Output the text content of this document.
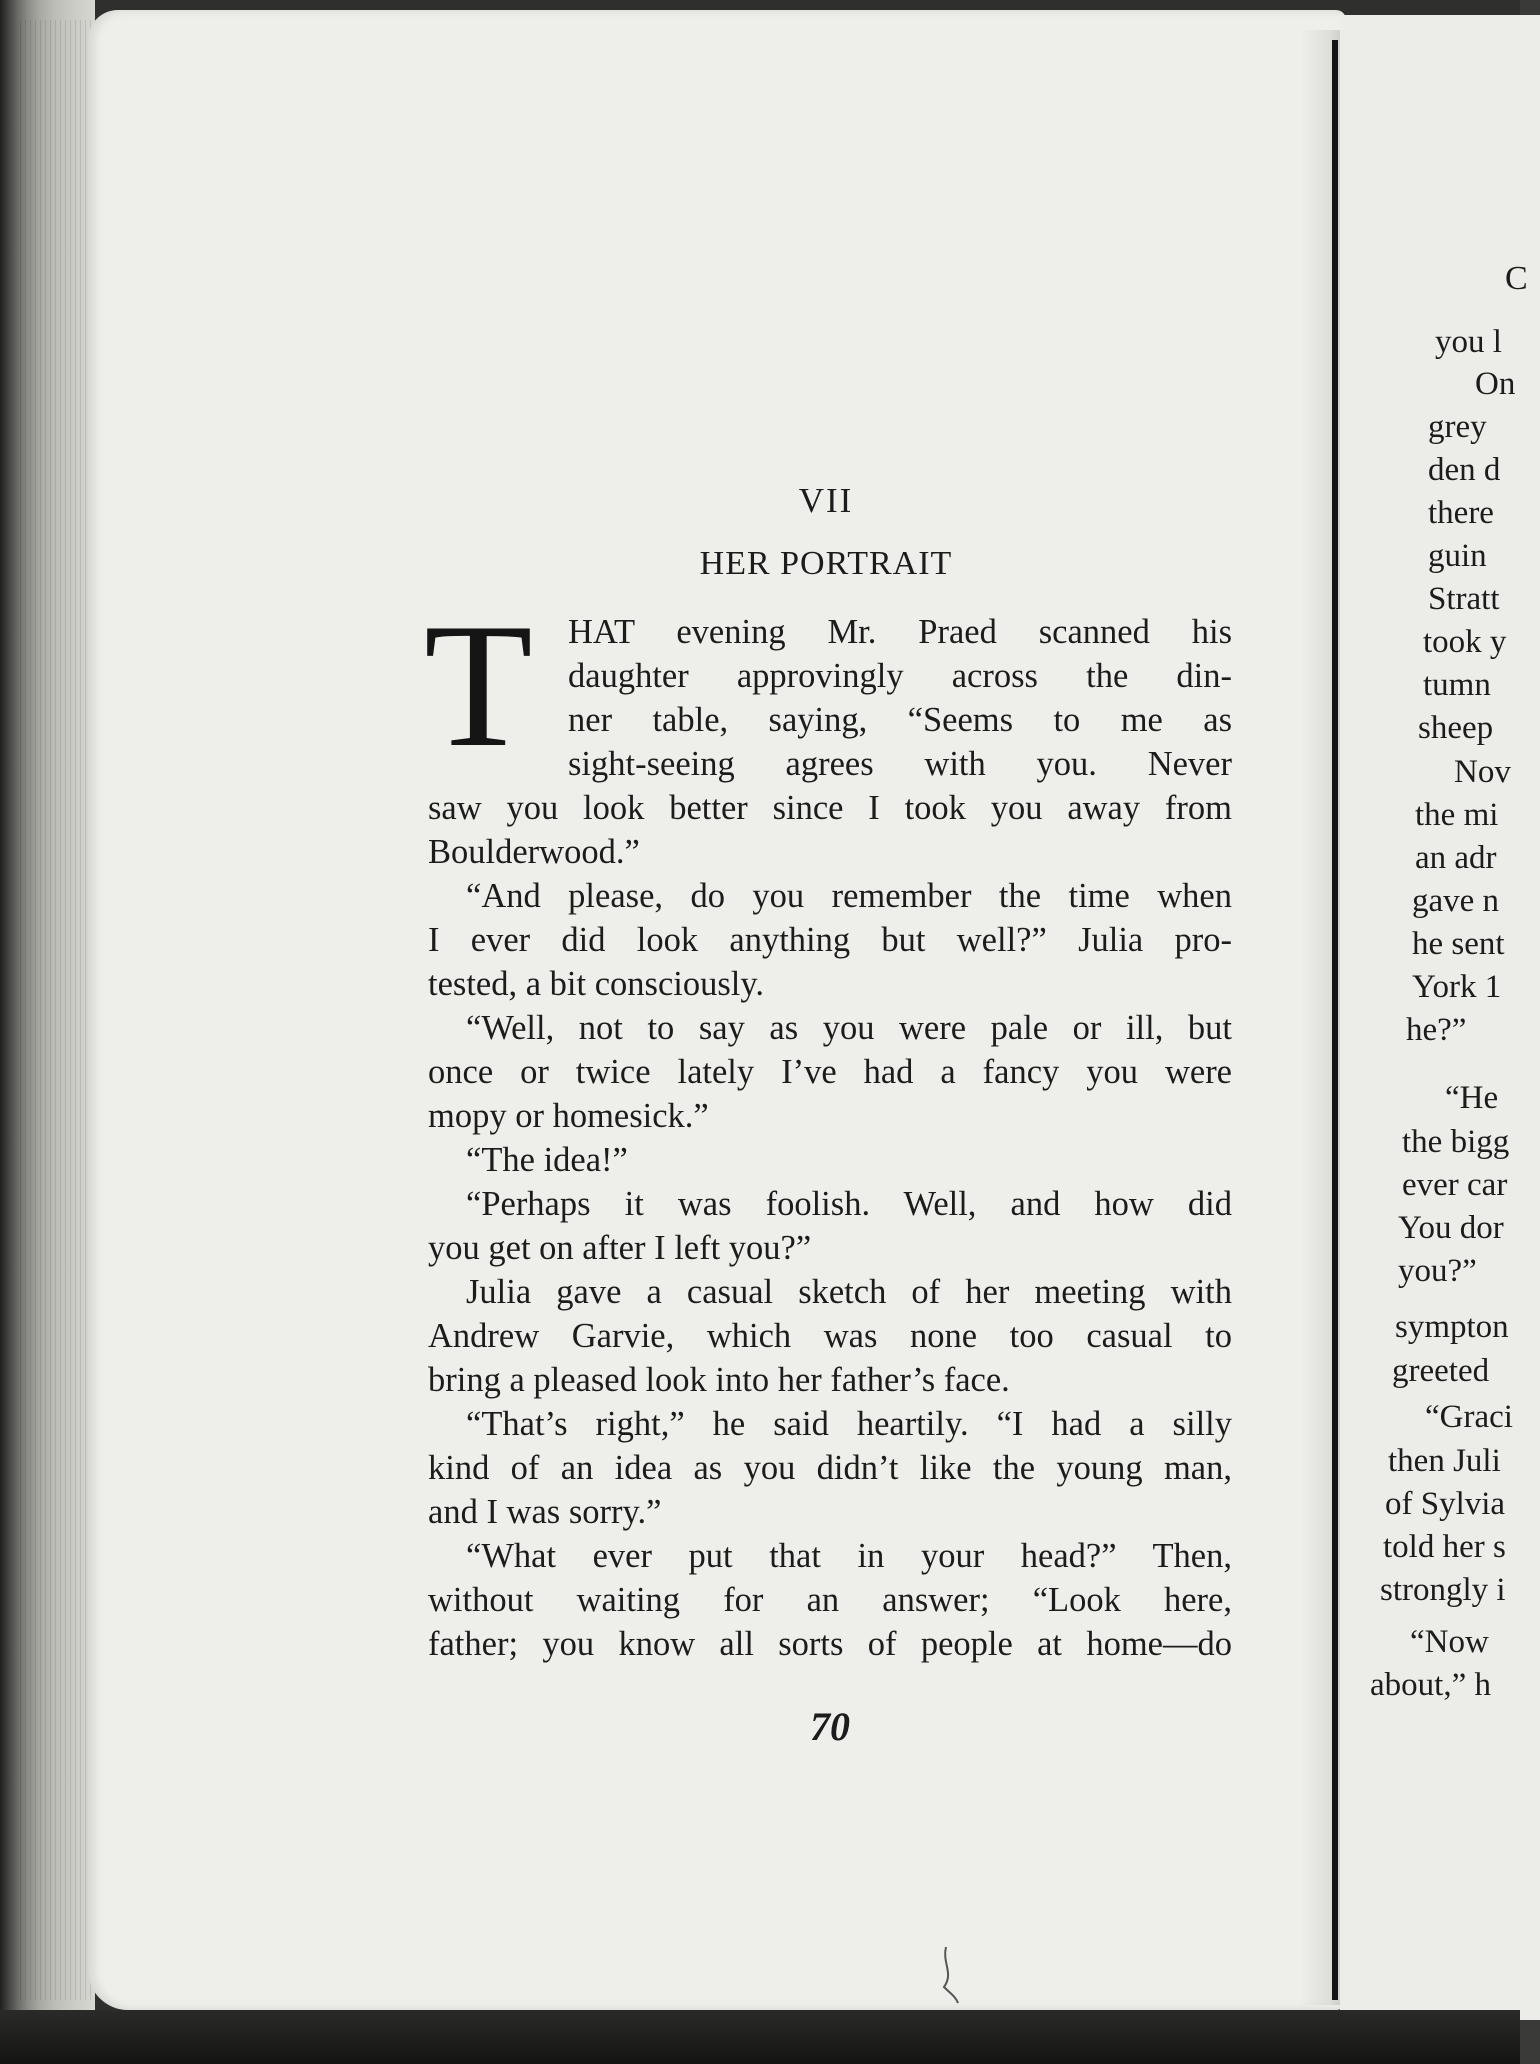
VII
HER PORTRAIT
T HAT evening Mr. Praed scanned his

daughter approvingly across the din-

ner table, saying, “Seems to me as

sight-seeing agrees with you. Never

saw you look better since I took you away from

Boulderwood.”

“And please, do you remember the time when

I ever did look anything but well?” Julia pro-

tested, a bit consciously.

“Well, not to say as you were pale or ill, but

once or twice lately I’ve had a fancy you were

mopy or homesick.”

“The idea!”

“Perhaps it was foolish. Well, and how did

you get on after I left you?”

Julia gave a casual sketch of her meeting with

Andrew Garvie, which was none too casual to

bring a pleased look into her father’s face.

“That’s right,” he said heartily. “I had a silly

kind of an idea as you didn’t like the young man,

and I was sorry.”

“What ever put that in your head?” Then,

without waiting for an answer; “Look here,

father; you know all sorts of people at home—do

70

C
you l
On
grey
den d
there
guin
Stratt
took y
tumn
sheep
Nov
the mi
an adr
gave n
he sent
York 1
he?”
“He
the bigg
ever car
You dor
you?”
sympton
greeted
“Graci
then Juli
of Sylvia
told her s
strongly i
“Now
about,” h
